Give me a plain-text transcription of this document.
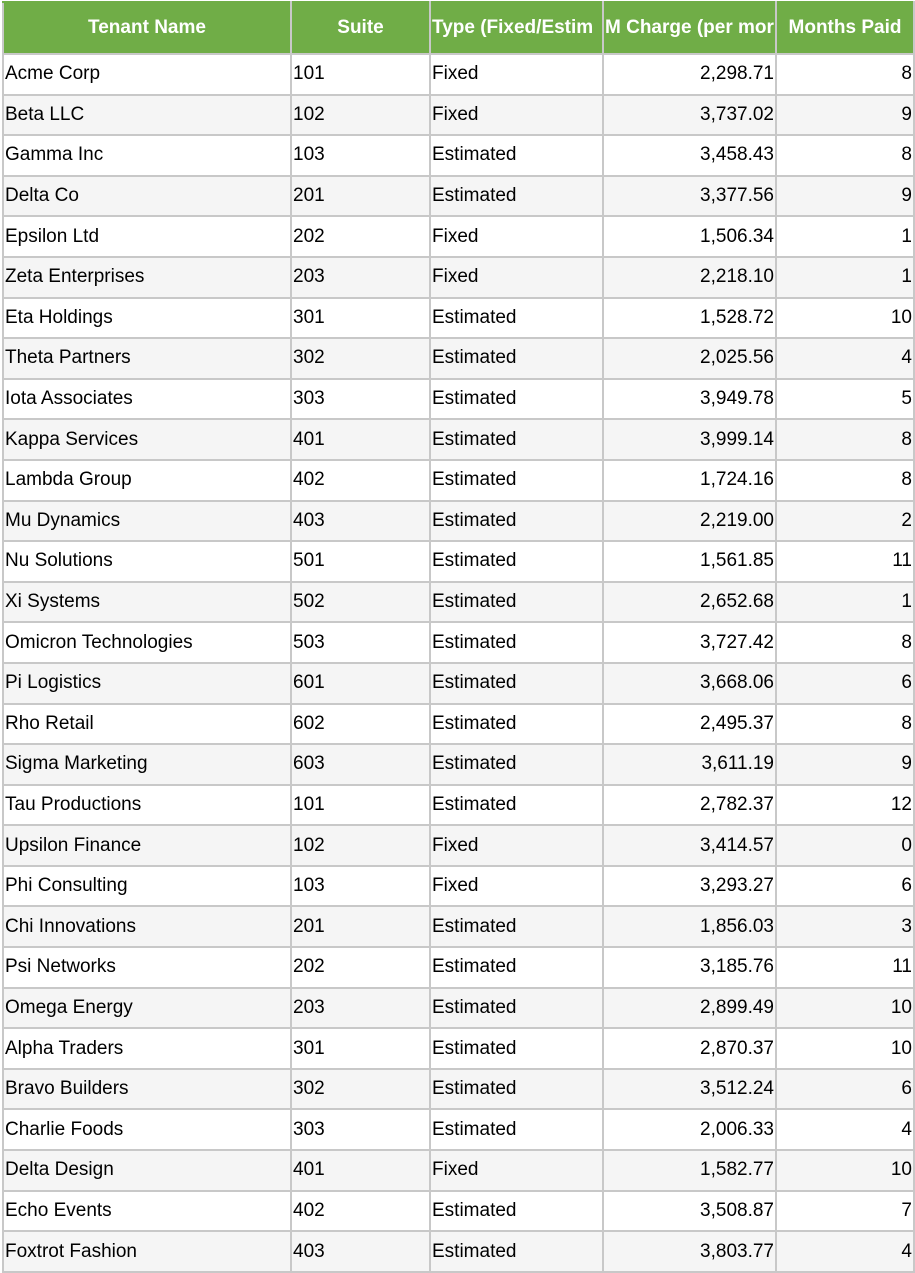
Tenant Name	Suite	Type (Fixed/Estim	M Charge (per mor	Months Paid

Acme Corp	101	Fixed	2,298.71	8
Beta LLC	102	Fixed	3,737.02	9
Gamma Inc	103	Estimated	3,458.43	8
Delta Co	201	Estimated	3,377.56	9
Epsilon Ltd	202	Fixed	1,506.34	1
Zeta Enterprises	203	Fixed	2,218.10	1
Eta Holdings	301	Estimated	1,528.72	10
Theta Partners	302	Estimated	2,025.56	4
Iota Associates	303	Estimated	3,949.78	5
Kappa Services	401	Estimated	3,999.14	8
Lambda Group	402	Estimated	1,724.16	8
Mu Dynamics	403	Estimated	2,219.00	2
Nu Solutions	501	Estimated	1,561.85	11
Xi Systems	502	Estimated	2,652.68	1
Omicron Technologies	503	Estimated	3,727.42	8
Pi Logistics	601	Estimated	3,668.06	6
Rho Retail	602	Estimated	2,495.37	8
Sigma Marketing	603	Estimated	3,611.19	9
Tau Productions	101	Estimated	2,782.37	12
Upsilon Finance	102	Fixed	3,414.57	0
Phi Consulting	103	Fixed	3,293.27	6
Chi Innovations	201	Estimated	1,856.03	3
Psi Networks	202	Estimated	3,185.76	11
Omega Energy	203	Estimated	2,899.49	10
Alpha Traders	301	Estimated	2,870.37	10
Bravo Builders	302	Estimated	3,512.24	6
Charlie Foods	303	Estimated	2,006.33	4
Delta Design	401	Fixed	1,582.77	10
Echo Events	402	Estimated	3,508.87	7
Foxtrot Fashion	403	Estimated	3,803.77	4
